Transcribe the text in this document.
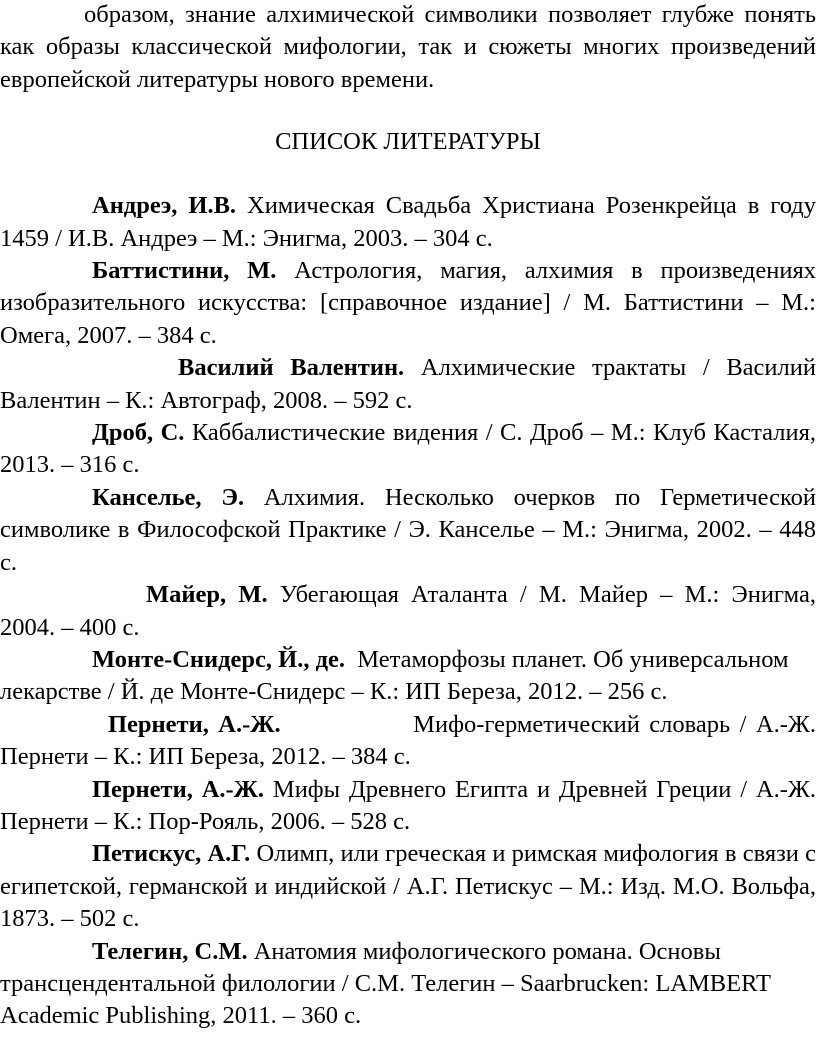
образом, знание алхимической символики позволяет глубже понять как образы классической мифологии, так и сюжеты многих произведений европейской литературы нового времени.

СПИСОК ЛИТЕРАТУРЫ

Андреэ, И.В. Химическая Свадьба Христиана Розенкрейца в году 1459 / И.В. Андреэ – М.: Энигма, 2003. – 304 с.

Баттистини, М. Астрология, магия, алхимия в произведениях изобразительного искусства: [справочное издание] / М. Баттистини – М.: Омега, 2007. – 384 с.

Василий Валентин. Алхимические трактаты / Василий Валентин – К.: Автограф, 2008. – 592 с.

Дроб, С. Каббалистические видения / С. Дроб – М.: Клуб Касталия, 2013. – 316 с.

Канселье, Э. Алхимия. Несколько очерков по Герметической символике в Философской Практике / Э. Канселье – М.: Энигма, 2002. – 448 с.

Майер, М. Убегающая Аталанта / М. Майер – М.: Энигма, 2004. – 400 с.

Монте-Снидерс, Й., де.  Метаморфозы планет. Об универсальном лекарстве / Й. де Монте-Снидерс – К.: ИП Береза, 2012. – 256 с.

Пернети, А.-Ж.	Мифо-герметический словарь / А.-Ж. Пернети – К.: ИП Береза, 2012. – 384 с.

Пернети, А.-Ж. Мифы Древнего Египта и Древней Греции / А.-Ж. Пернети – К.: Пор-Рояль, 2006. – 528 с.

Петискус, А.Г. Олимп, или греческая и римская мифология в связи с египетской, германской и индийской / А.Г. Петискус – М.: Изд. М.О. Вольфа, 1873. – 502 с.

Телегин, С.М. Анатомия мифологического романа. Основы трансцендентальной филологии / С.М. Телегин – Saarbrucken: LAMBERT Academic Publishing, 2011. – 360 с.
